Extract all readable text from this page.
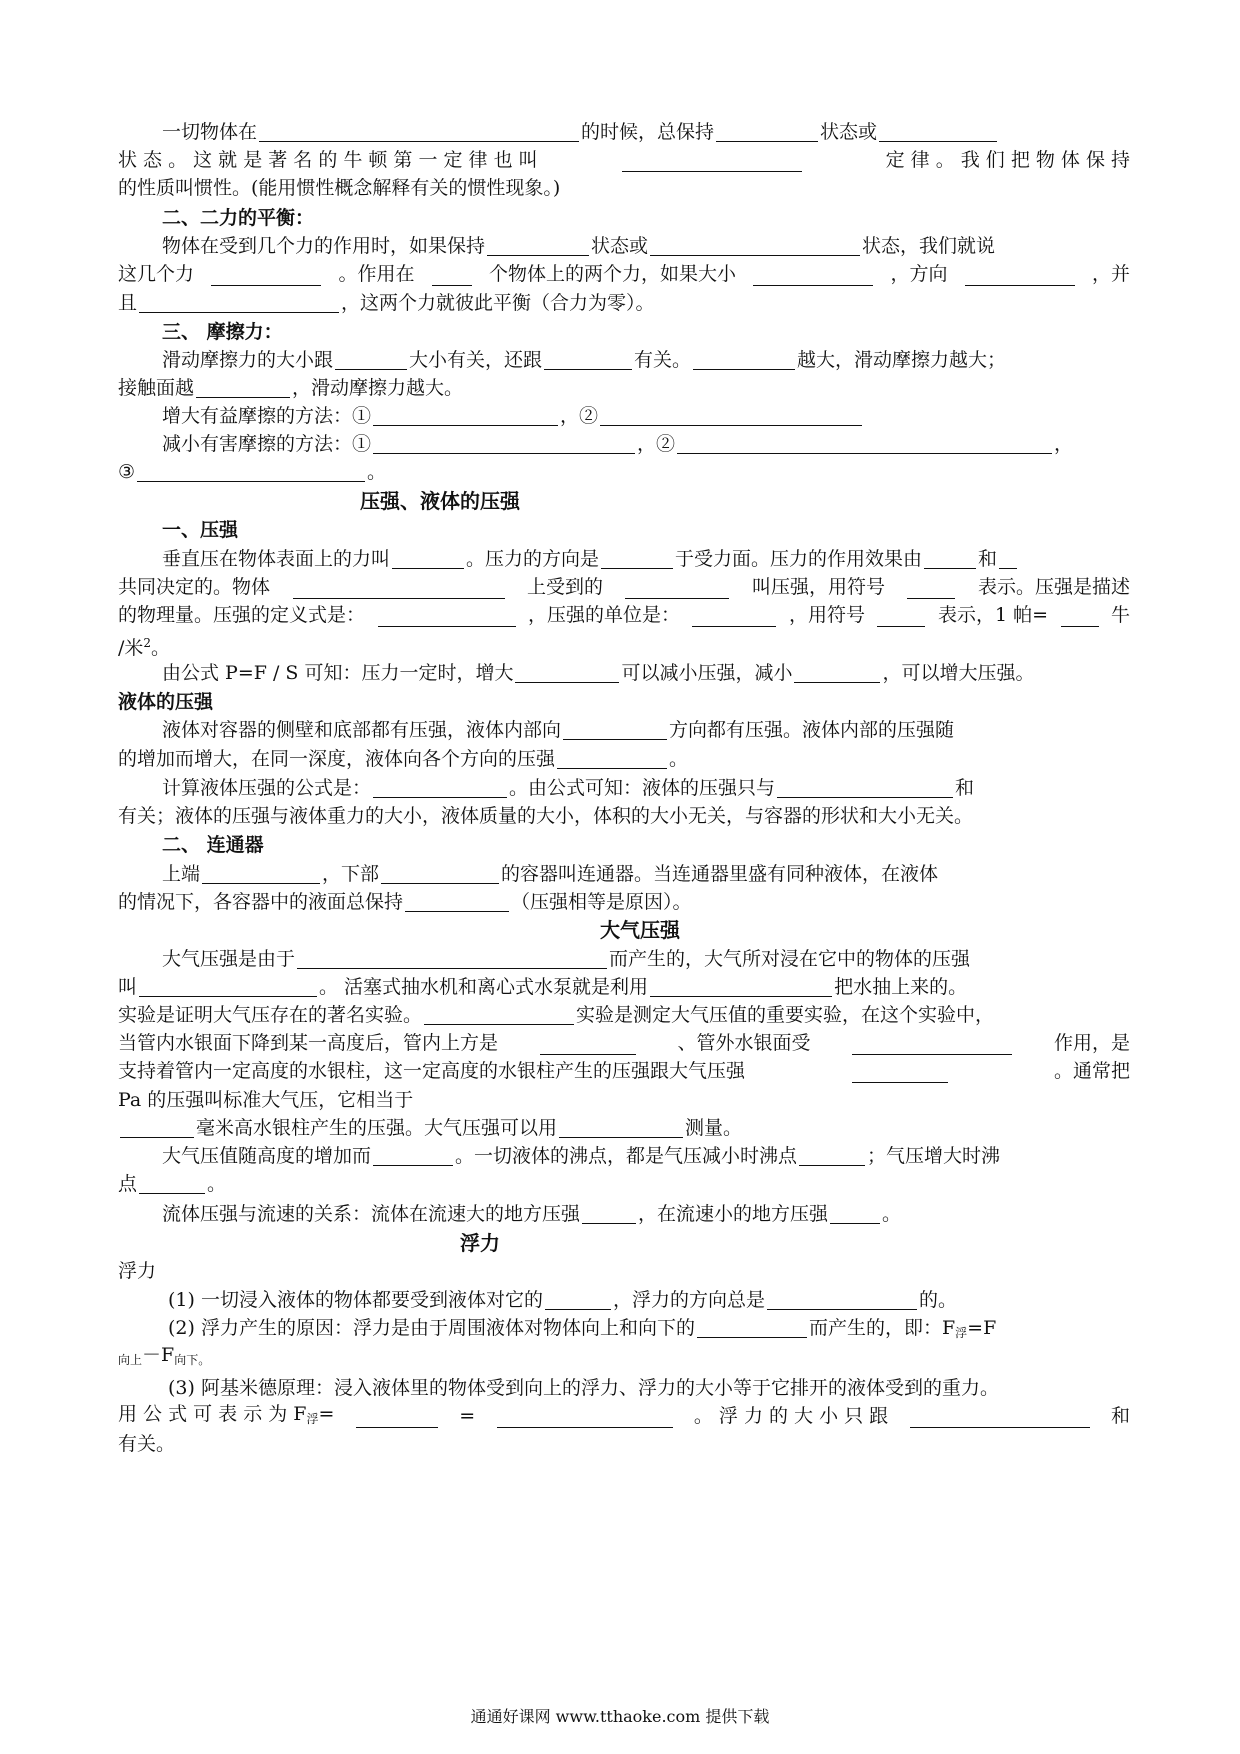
一切物体在	的时候，总保持	状态或
状 态 。 这 就 是 著 名 的 牛 顿 第 一 定 律 也 叫	定 律 。 我 们 把 物 体 保 持
的性质叫惯性。(能用惯性概念解释有关的惯性现象。)
二、二力的平衡：
物体在受到几个力的作用时，如果保持	状态或	状态，我们就说
这几个力	。作用在	个物体上的两个力，如果大小	，方向	，并
且	，这两个力就彼此平衡（合力为零）。
三、 摩擦力：
滑动摩擦力的大小跟	大小有关，还跟	有关。	越大，滑动摩擦力越大；
接触面越	，滑动摩擦力越大。
增大有益摩擦的方法：①	，②
减小有害摩擦的方法：①	，②	，
③	。
压强、液体的压强
一、压强
垂直压在物体表面上的力叫	。压力的方向是	于受力面。压力的作用效果由	和
共同决定的。物体	上受到的	叫压强，用符号	表示。压强是描述
的物理量。压强的定义式是：	，压强的单位是：	，用符号	表示，1 帕=	牛
/米$^2$。
由公式 P=F / S 可知：压力一定时，增大	可以减小压强，减小	，可以增大压强。
液体的压强
液体对容器的侧壁和底部都有压强，液体内部向	方向都有压强。液体内部的压强随
的增加而增大，在同一深度，液体向各个方向的压强	。
计算液体压强的公式是：	。由公式可知：液体的压强只与	和
有关；液体的压强与液体重力的大小，液体质量的大小，体积的大小无关，与容器的形状和大小无关。
二、 连通器
上端	，下部	的容器叫连通器。当连通器里盛有同种液体，在液体
的情况下，各容器中的液面总保持	（压强相等是原因）。
大气压强
大气压强是由于	而产生的，大气所对浸在它中的物体的压强
叫	。 活塞式抽水机和离心式水泵就是利用	把水抽上来的。
实验是证明大气压存在的著名实验。	实验是测定大气压值的重要实验，在这个实验中，
当管内水银面下降到某一高度后，管内上方是	、管外水银面受	作用，是
支持着管内一定高度的水银柱，这一定高度的水银柱产生的压强跟大气压强	。通常把
Pa 的压强叫标准大气压，它相当于
毫米高水银柱产生的压强。大气压强可以用	测量。
大气压值随高度的增加而	。一切液体的沸点，都是气压减小时沸点	；气压增大时沸
点	。
流体压强与流速的关系：流体在流速大的地方压强	，在流速小的地方压强	。
浮力
浮力
(1) 一切浸入液体的物体都要受到液体对它的	，浮力的方向总是	的。
(2) 浮力产生的原因：浮力是由于周围液体对物体向上和向下的	而产生的，即：$F_浮=F$
$_{向上}-F_{向下。}$
(3) 阿基米德原理：浸入液体里的物体受到向上的浮力、浮力的大小等于它排开的液体受到的重力。
用 公 式 可 表 示 为 $F_浮=$	=	。 浮 力 的 大 小 只 跟	和
有关。
通通好课网 www.tthaoke.com 提供下载
